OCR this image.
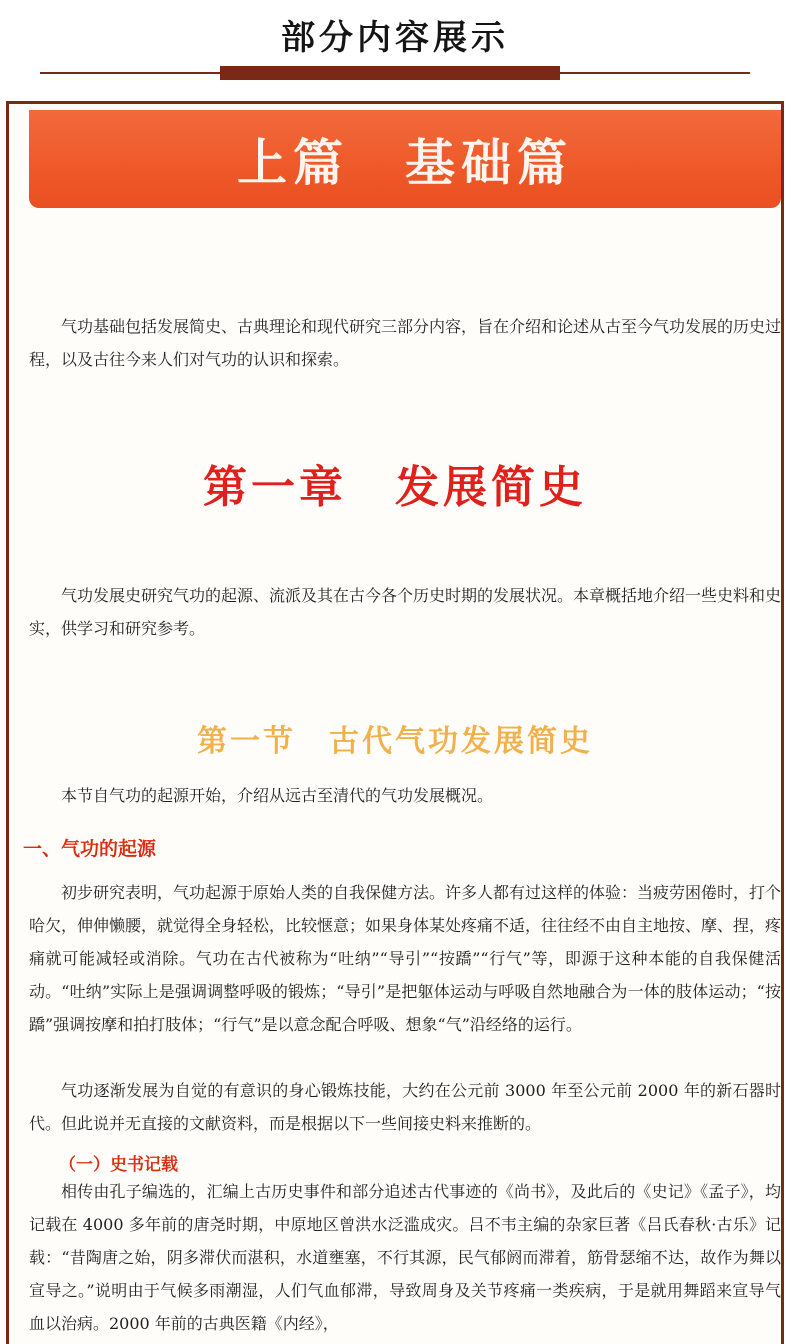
部分内容展示
上篇　基础篇
气功基础包括发展简史、古典理论和现代研究三部分内容，旨在介绍和论述从古至今气功发展的历史过程，以及古往今来人们对气功的认识和探索。
第一章　发展简史
气功发展史研究气功的起源、流派及其在古今各个历史时期的发展状况。本章概括地介绍一些史料和史实，供学习和研究参考。
第一节　古代气功发展简史
本节自气功的起源开始，介绍从远古至清代的气功发展概况。
一、气功的起源
初步研究表明，气功起源于原始人类的自我保健方法。许多人都有过这样的体验：当疲劳困倦时，打个哈欠，伸伸懒腰，就觉得全身轻松，比较惬意；如果身体某处疼痛不适，往往经不由自主地按、摩、捏，疼痛就可能减轻或消除。气功在古代被称为“吐纳”“导引”“按蹻”“行气”等，即源于这种本能的自我保健活动。“吐纳”实际上是强调调整呼吸的锻炼；“导引”是把躯体运动与呼吸自然地融合为一体的肢体运动；“按蹻”强调按摩和拍打肢体；“行气”是以意念配合呼吸、想象“气”沿经络的运行。
气功逐渐发展为自觉的有意识的身心锻炼技能，大约在公元前 3000 年至公元前 2000 年的新石器时代。但此说并无直接的文献资料，而是根据以下一些间接史料来推断的。
（一）史书记载
相传由孔子编选的，汇编上古历史事件和部分追述古代事迹的《尚书》，及此后的《史记》《孟子》，均记载在 4000 多年前的唐尧时期，中原地区曾洪水泛滥成灾。吕不韦主编的杂家巨著《吕氏春秋·古乐》记载：“昔陶唐之始，阴多滞伏而湛积，水道壅塞，不行其源，民气郁阏而滞着，筋骨瑟缩不达，故作为舞以宣导之。”说明由于气候多雨潮湿，人们气血郁滞，导致周身及关节疼痛一类疾病，于是就用舞蹈来宣导气血以治病。2000 年前的古典医籍《内经》，
